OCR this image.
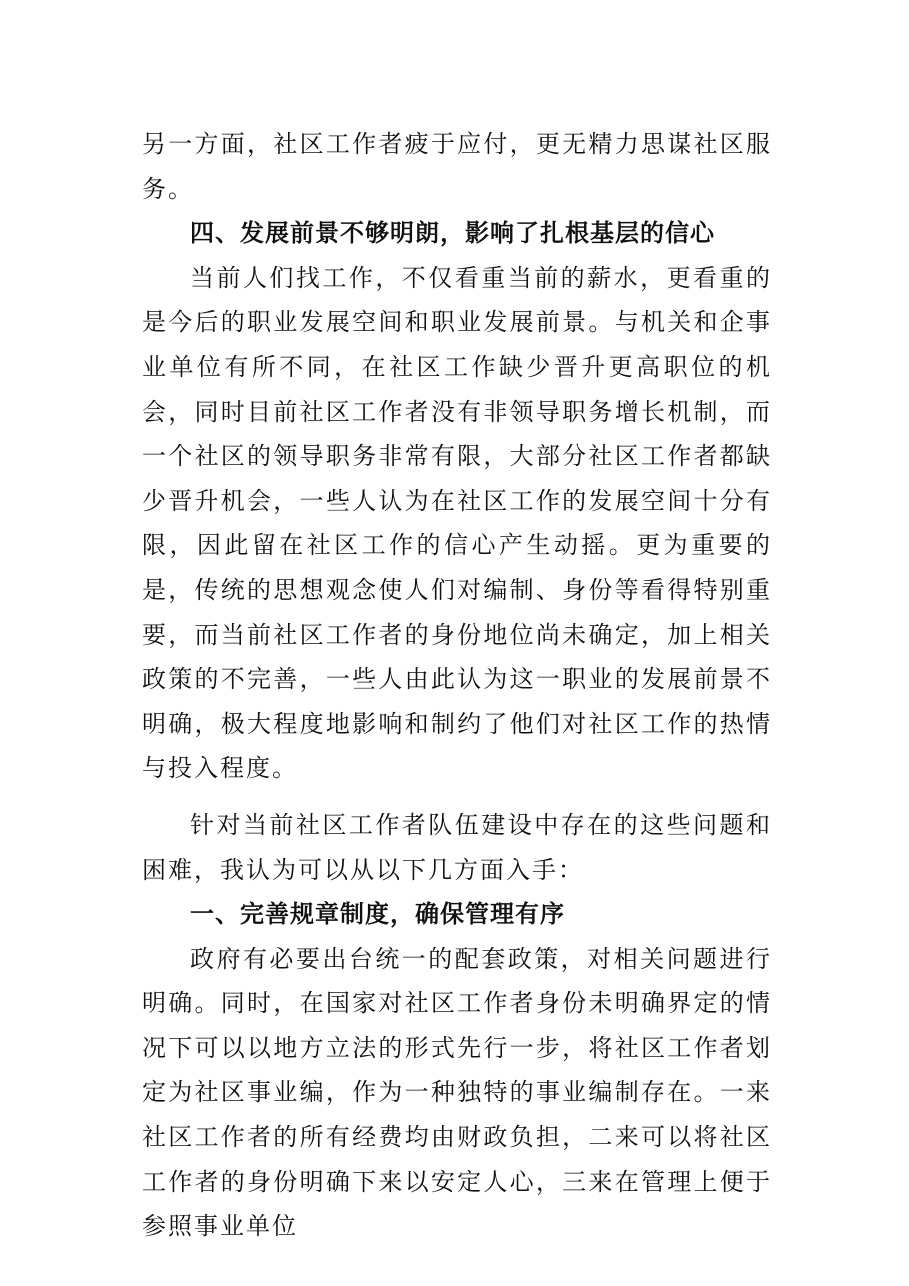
另一方面，社区工作者疲于应付，更无精力思谋社区服务。

四、发展前景不够明朗，影响了扎根基层的信心

当前人们找工作，不仅看重当前的薪水，更看重的是今后的职业发展空间和职业发展前景。与机关和企事业单位有所不同，在社区工作缺少晋升更高职位的机会，同时目前社区工作者没有非领导职务增长机制，而一个社区的领导职务非常有限，大部分社区工作者都缺少晋升机会，一些人认为在社区工作的发展空间十分有限，因此留在社区工作的信心产生动摇。更为重要的是，传统的思想观念使人们对编制、身份等看得特别重要，而当前社区工作者的身份地位尚未确定，加上相关政策的不完善，一些人由此认为这一职业的发展前景不明确，极大程度地影响和制约了他们对社区工作的热情与投入程度。

针对当前社区工作者队伍建设中存在的这些问题和困难，我认为可以从以下几方面入手：

一、完善规章制度，确保管理有序

政府有必要出台统一的配套政策，对相关问题进行明确。同时，在国家对社区工作者身份未明确界定的情况下可以以地方立法的形式先行一步，将社区工作者划定为社区事业编，作为一种独特的事业编制存在。一来社区工作者的所有经费均由财政负担，二来可以将社区工作者的身份明确下来以安定人心，三来在管理上便于参照事业单位
